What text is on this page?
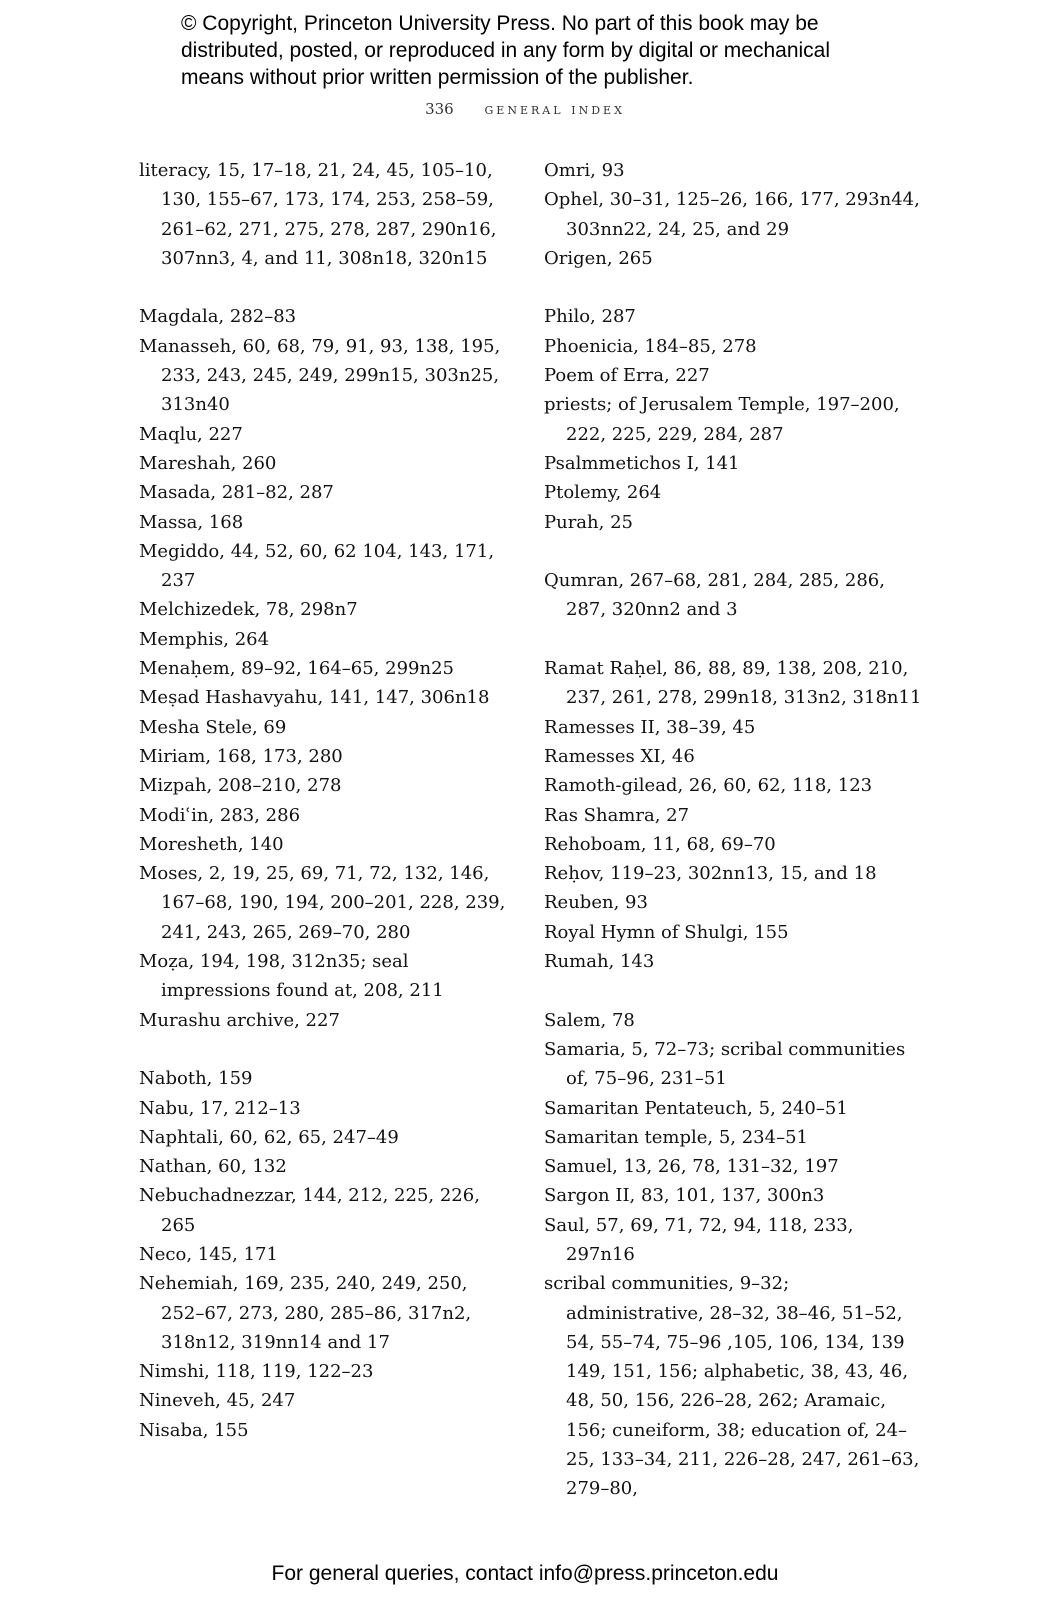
© Copyright, Princeton University Press. No part of this book may be
distributed, posted, or reproduced in any form by digital or mechanical
means without prior written permission of the publisher.
336 general index

literacy, 15, 17–18, 21, 24, 45, 105–10, 130, 155–67, 173, 174, 253, 258–59, 261–62, 271, 275, 278, 287, 290n16, 307nn3, 4, and 11, 308n18, 320n15

Magdala, 282–83

Manasseh, 60, 68, 79, 91, 93, 138, 195, 233, 243, 245, 249, 299n15, 303n25, 313n40

Maqlu, 227

Mareshah, 260

Masada, 281–82, 287

Massa, 168

Megiddo, 44, 52, 60, 62 104, 143, 171, 237

Melchizedek, 78, 298n7

Memphis, 264

Menaḥem, 89–92, 164–65, 299n25

Meṣad Hashavyahu, 141, 147, 306n18

Mesha Stele, 69

Miriam, 168, 173, 280

Mizpah, 208–210, 278

Modiʿin, 283, 286

Moresheth, 140

Moses, 2, 19, 25, 69, 71, 72, 132, 146, 167–68, 190, 194, 200–201, 228, 239, 241, 243, 265, 269–70, 280

Moẓa, 194, 198, 312n35; seal impressions found at, 208, 211

Murashu archive, 227

Naboth, 159

Nabu, 17, 212–13

Naphtali, 60, 62, 65, 247–49

Nathan, 60, 132

Nebuchadnezzar, 144, 212, 225, 226, 265

Neco, 145, 171

Nehemiah, 169, 235, 240, 249, 250, 252–67, 273, 280, 285–86, 317n2, 318n12, 319nn14 and 17

Nimshi, 118, 119, 122–23

Nineveh, 45, 247

Nisaba, 155

Omri, 93

Ophel, 30–31, 125–26, 166, 177, 293n44, 303nn22, 24, 25, and 29

Origen, 265

Philo, 287

Phoenicia, 184–85, 278

Poem of Erra, 227

priests; of Jerusalem Temple, 197–200, 222, 225, 229, 284, 287

Psalmmetichos I, 141

Ptolemy, 264

Purah, 25

Qumran, 267–68, 281, 284, 285, 286, 287, 320nn2 and 3

Ramat Raḥel, 86, 88, 89, 138, 208, 210, 237, 261, 278, 299n18, 313n2, 318n11

Ramesses II, 38–39, 45

Ramesses XI, 46

Ramoth-gilead, 26, 60, 62, 118, 123

Ras Shamra, 27

Rehoboam, 11, 68, 69–70

Reḥov, 119–23, 302nn13, 15, and 18

Reuben, 93

Royal Hymn of Shulgi, 155

Rumah, 143

Salem, 78

Samaria, 5, 72–73; scribal communities of, 75–96, 231–51

Samaritan Pentateuch, 5, 240–51

Samaritan temple, 5, 234–51

Samuel, 13, 26, 78, 131–32, 197

Sargon II, 83, 101, 137, 300n3

Saul, 57, 69, 71, 72, 94, 118, 233, 297n16

scribal communities, 9–32; administrative, 28–32, 38–46, 51–52, 54, 55–74, 75–96 ,105, 106, 134, 139 149, 151, 156; alphabetic, 38, 43, 46, 48, 50, 156, 226–28, 262; Aramaic, 156; cuneiform, 38; education of, 24–25, 133–34, 211, 226–28, 247, 261–63, 279–80,

For general queries, contact info@press.princeton.edu
